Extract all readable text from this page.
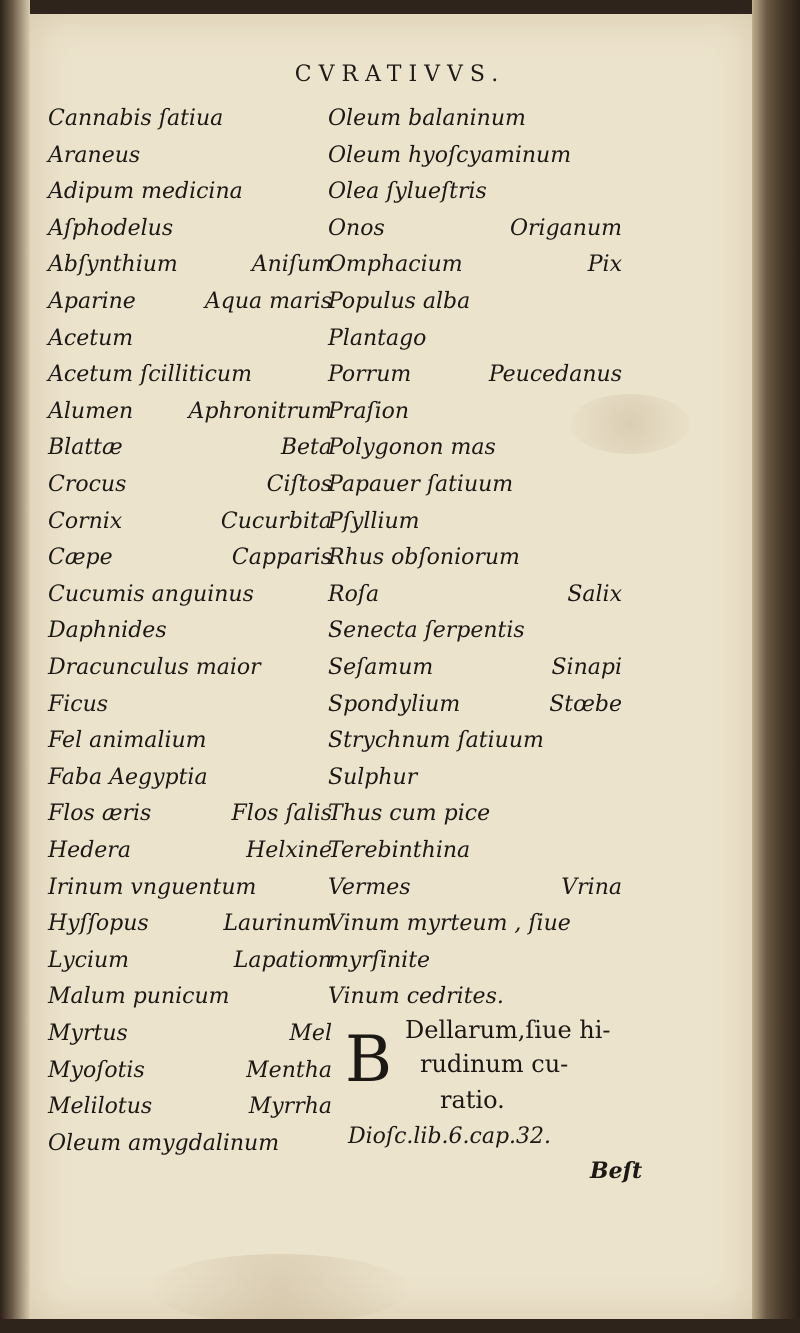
CVRATIVVS.
Cannabis ſatiua
Araneus
Adipum medicina
Aſphodelus
Abſynthium	Aniſum
Aparine	Aqua maris
Acetum
Acetum ſcilliticum
Alumen	Aphronitrum
Blattæ	Beta
Crocus	Ciſtos
Cornix	Cucurbita
Cæpe	Capparis
Cucumis anguinus
Daphnides
Dracunculus maior
Ficus
Fel animalium
Faba Aegyptia
Flos æris	Flos ſalis
Hedera	Helxine
Irinum vnguentum
Hyſſopus	Laurinum
Lycium	Lapation
Malum punicum
Myrtus	Mel
Myoſotis	Mentha
Melilotus	Myrrha
Oleum amygdalinum
Oleum balaninum
Oleum hyoſcyaminum
Olea ſylueſtris
Onos	Origanum
Omphacium	Pix
Populus alba
Plantago
Porrum	Peucedanus
Praſion
Polygonon mas
Papauer ſatiuum
Pſyllium
Rhus obſoniorum
Roſa	Salix
Senecta ſerpentis
Seſamum	Sinapi
Spondylium	Stœbe
Strychnum ſatiuum
Sulphur
Thus cum pice
Terebinthina
Vermes	Vrina
Vinum myrteum , ſiue
myrſinite
Vinum cedrites.
B Dellarum,ſiue hi-
rudinum cu-
ratio.
Dioſc.lib.6.cap.32.
Beſt
